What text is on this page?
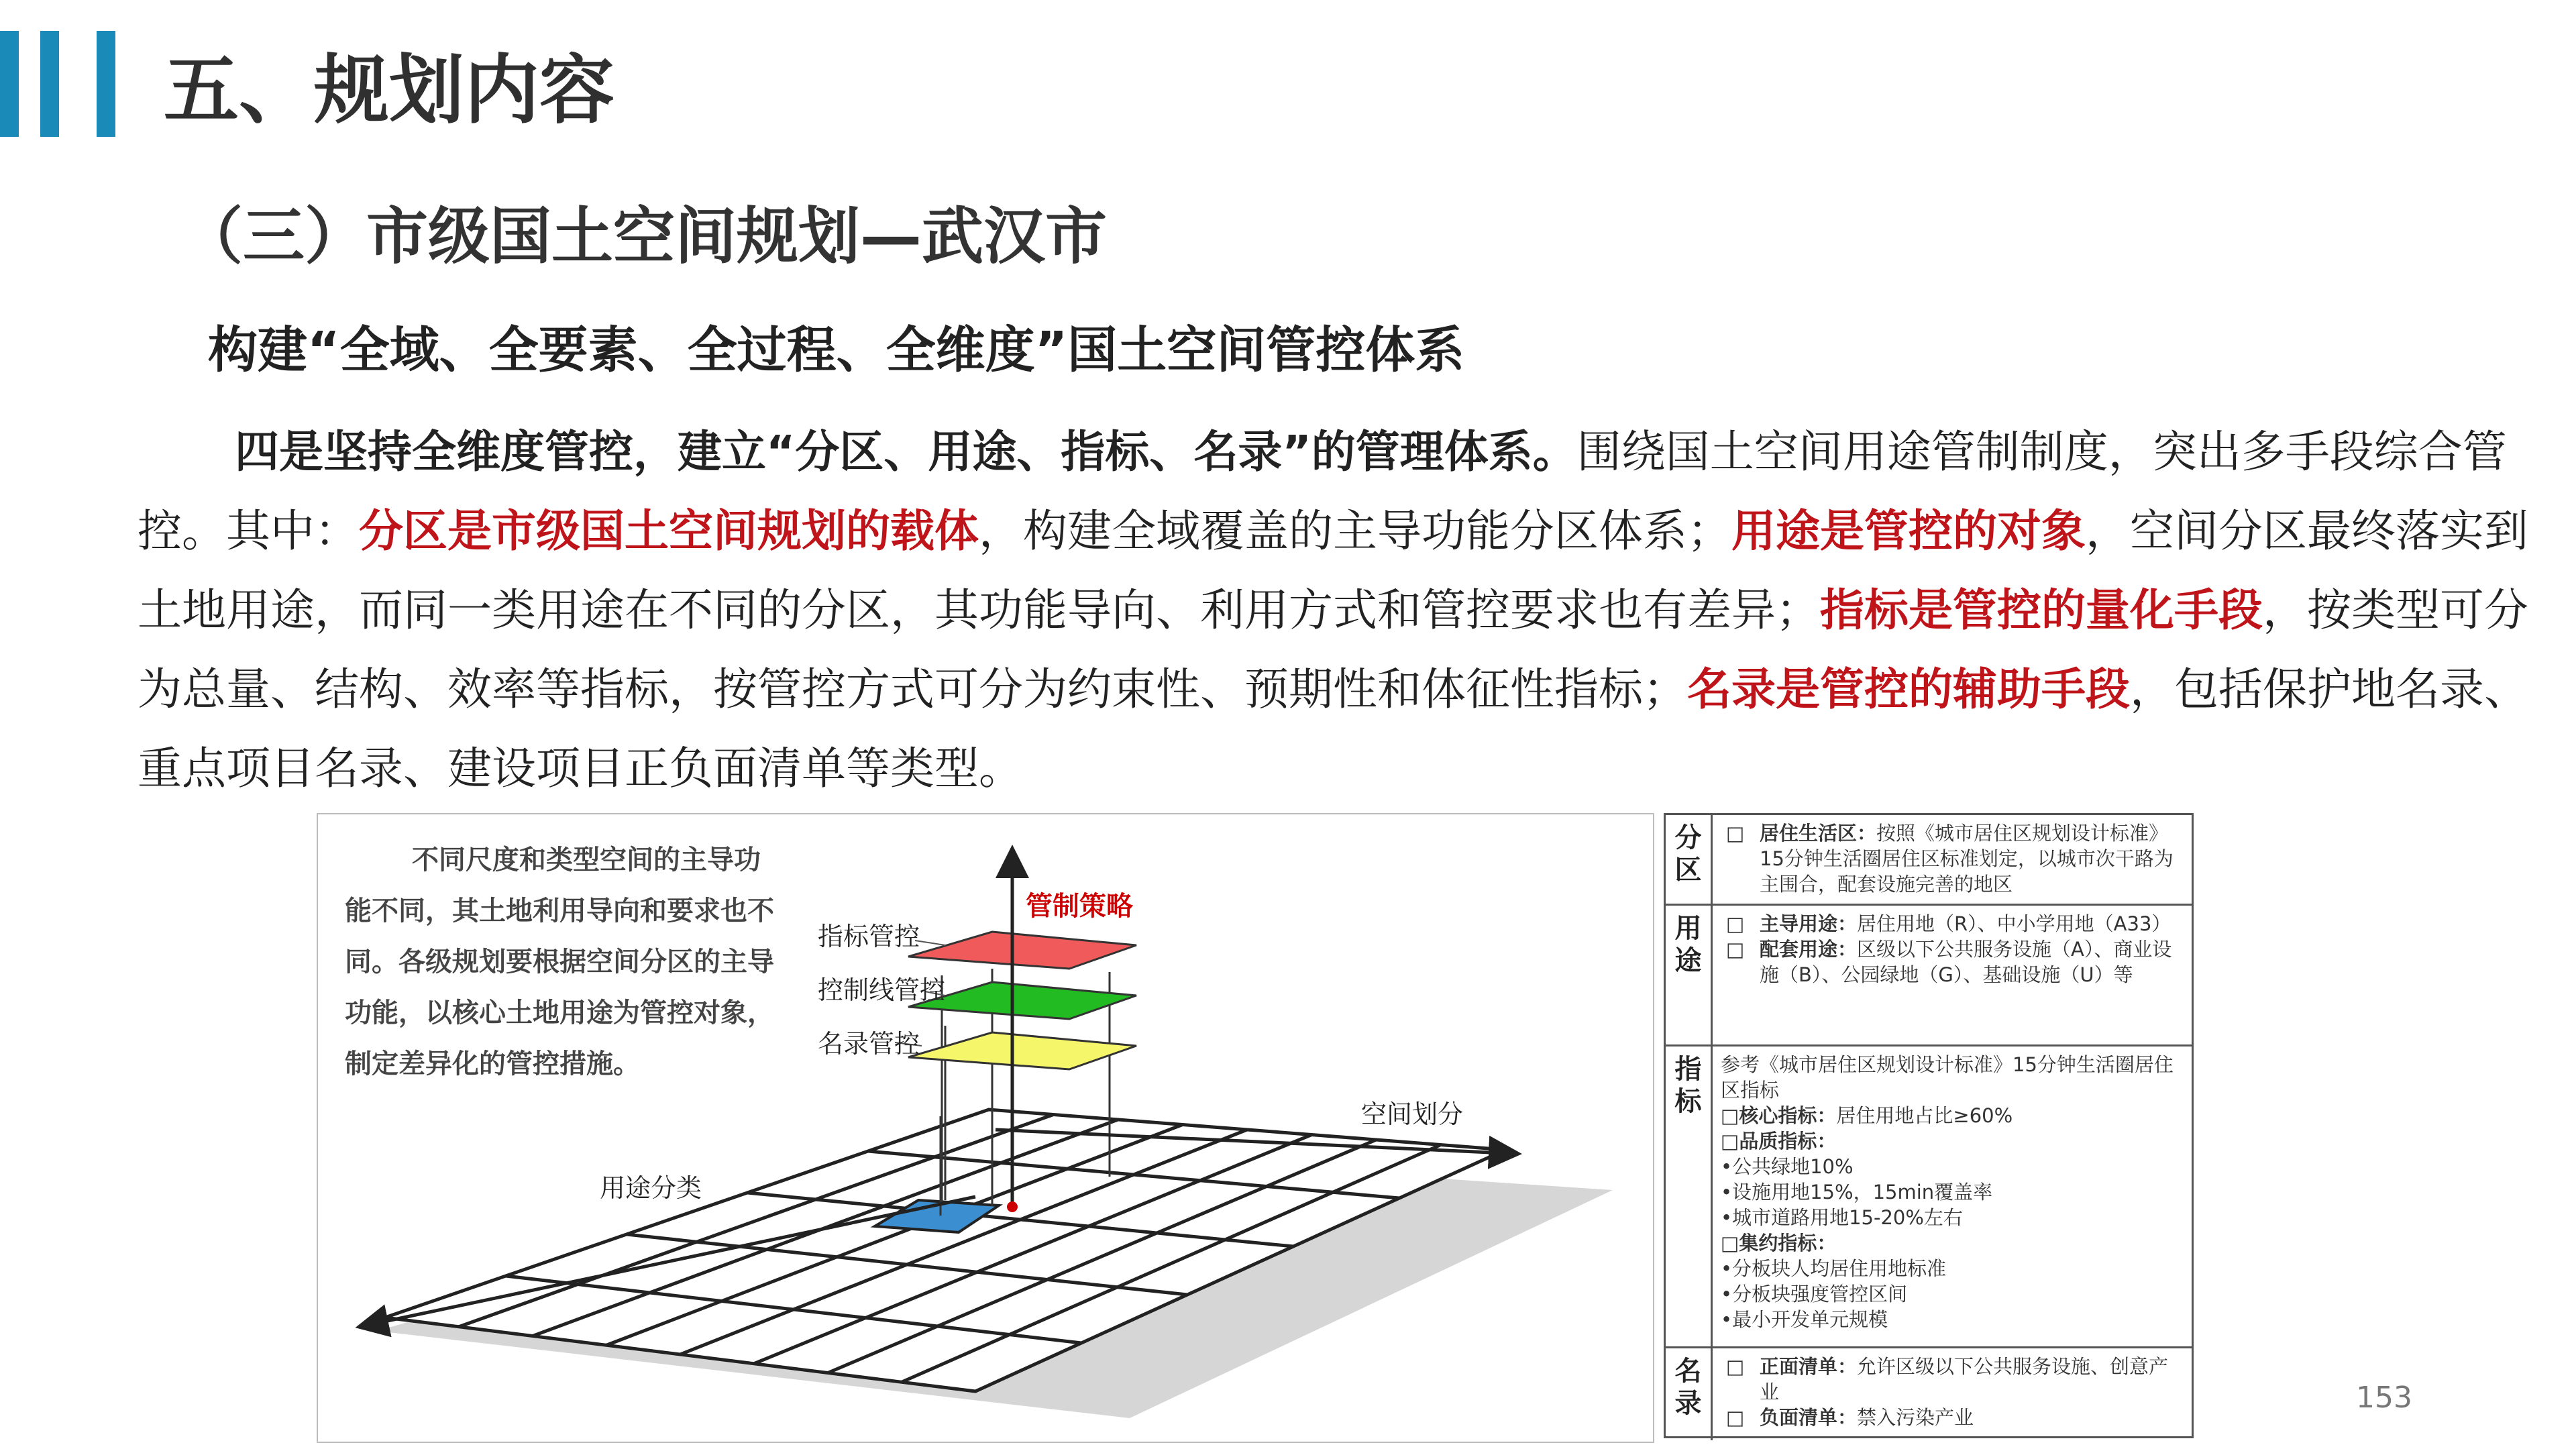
五、规划内容
（三）市级国土空间规划—武汉市
构建“全域、全要素、全过程、全维度”国土空间管控体系
四是坚持全维度管控，建立“分区、用途、指标、名录”的管理体系。围绕国土空间用途管制制度，突出多手段综合管控。其中：分区是市级国土空间规划的载体，构建全域覆盖的主导功能分区体系；用途是管控的对象，空间分区最终落实到土地用途，而同一类用途在不同的分区，其功能导向、利用方式和管控要求也有差异；指标是管控的量化手段，按类型可分为总量、结构、效率等指标，按管控方式可分为约束性、预期性和体征性指标；名录是管控的辅助手段，包括保护地名录、重点项目名录、建设项目正负面清单等类型。
不同尺度和类型空间的主导功能不同，其土地利用导向和要求也不同。各级规划要根据空间分区的主导功能，以核心土地用途为管控对象，制定差异化的管控措施。
管制策略
指标管控
控制线管控
名录管控
空间划分
用途分类
分区
□ 居住生活区：按照《城市居住区规划设计标准》15分钟生活圈居住区标准划定，以城市次干路为主围合，配套设施完善的地区
用途
□ 主导用途：居住用地（R）、中小学用地（A33）
□ 配套用途：区级以下公共服务设施（A）、商业设施（B）、公园绿地（G）、基础设施（U）等
指标
参考《城市居住区规划设计标准》15分钟生活圈居住区指标
□ 核心指标：居住用地占比≥60%
□ 品质指标：
•公共绿地10%
•设施用地15%，15min覆盖率
•城市道路用地15-20%左右
□ 集约指标：
•分板块人均居住用地标准
•分板块强度管控区间
•最小开发单元规模
名录
□ 正面清单：允许区级以下公共服务设施、创意产业
□ 负面清单：禁入污染产业
153
